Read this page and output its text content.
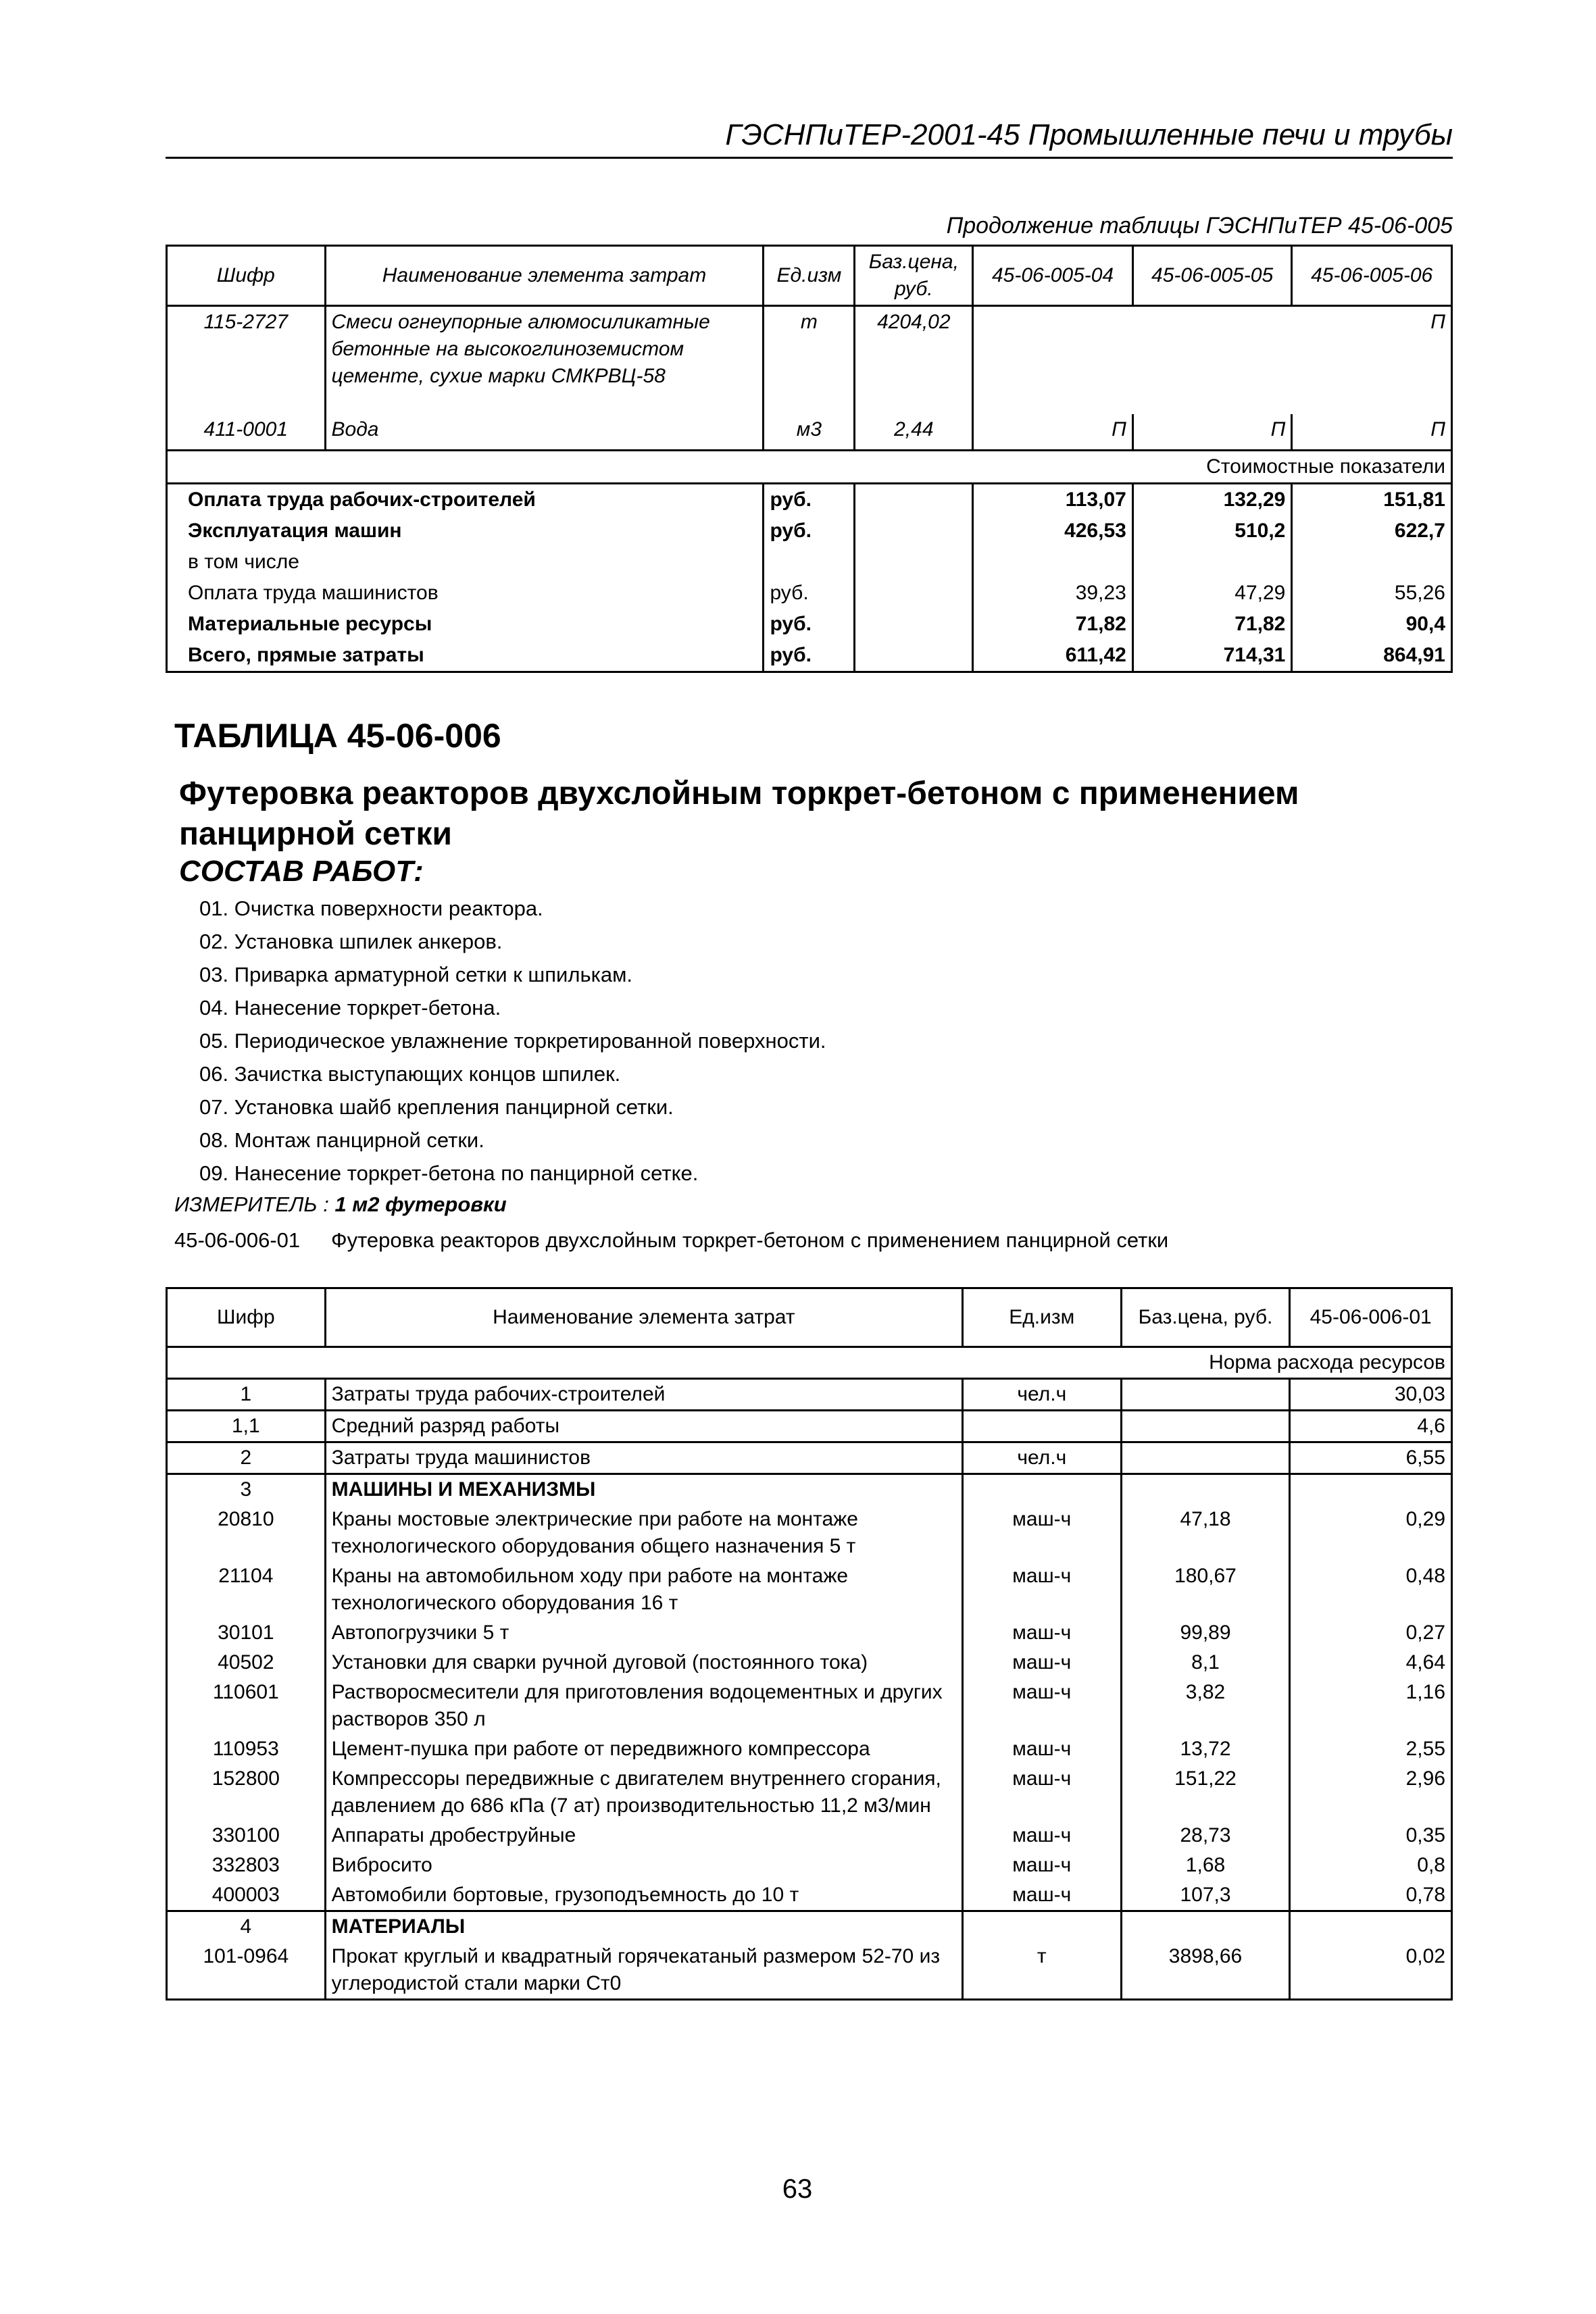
ГЭСНПиТЕР-2001-45 Промышленные печи и трубы
Продолжение таблицы ГЭСНПиТЕР 45-06-005
Шифр	Наименование элемента затрат	Ед.изм	Баз.цена, руб.	45-06-005-04	45-06-005-05	45-06-005-06
115-2727	Смеси огнеупорные алюмосиликатные бетонные на высокоглиноземистом цементе, сухие марки СМКРВЦ-58	т	4204,02			П
411-0001	Вода	м3	2,44	П	П	П
Стоимостные показатели						
Оплата труда рабочих-строителей		руб.		113,07	132,29	151,81
Эксплуатация машин		руб.		426,53	510,2	622,7
в том числе						
Оплата труда машинистов		руб.		39,23	47,29	55,26
Материальные ресурсы		руб.		71,82	71,82	90,4
Всего, прямые затраты		руб.		611,42	714,31	864,91
ТАБЛИЦА 45-06-006
Футеровка реакторов двухслойным торкрет-бетоном с применением панцирной сетки
СОСТАВ РАБОТ:
01. Очистка поверхности реактора.
02. Установка шпилек анкеров.
03. Приварка арматурной сетки к шпилькам.
04. Нанесение торкрет-бетона.
05. Периодическое увлажнение торкретированной поверхности.
06. Зачистка выступающих концов шпилек.
07. Установка шайб крепления панцирной сетки.
08. Монтаж панцирной сетки.
09. Нанесение торкрет-бетона по панцирной сетке.
ИЗМЕРИТЕЛЬ : 1 м2 футеровки
45-06-006-01 Футеровка реакторов двухслойным торкрет-бетоном с применением панцирной сетки
Шифр	Наименование элемента затрат	Ед.изм	Баз.цена, руб.	45-06-006-01
Норма расхода ресурсов				
1	Затраты труда рабочих-строителей	чел.ч		30,03
1,1	Средний разряд работы			4,6
2	Затраты труда машинистов	чел.ч		6,55
3	МАШИНЫ И МЕХАНИЗМЫ			
20810	Краны мостовые электрические при работе на монтаже технологического оборудования общего назначения 5 т	маш-ч	47,18	0,29
21104	Краны на автомобильном ходу при работе на монтаже технологического оборудования 16 т	маш-ч	180,67	0,48
30101	Автопогрузчики 5 т	маш-ч	99,89	0,27
40502	Установки для сварки ручной дуговой (постоянного тока)	маш-ч	8,1	4,64
110601	Растворосмесители для приготовления водоцементных и других растворов 350 л	маш-ч	3,82	1,16
110953	Цемент-пушка при работе от передвижного компрессора	маш-ч	13,72	2,55
152800	Компрессоры передвижные с двигателем внутреннего сгорания, давлением до 686 кПа (7 ат) производительностью 11,2 м3/мин	маш-ч	151,22	2,96
330100	Аппараты дробеструйные	маш-ч	28,73	0,35
332803	Вибросито	маш-ч	1,68	0,8
400003	Автомобили бортовые, грузоподъемность до 10 т	маш-ч	107,3	0,78
4	МАТЕРИАЛЫ			
101-0964	Прокат круглый и квадратный горячекатаный размером 52-70 из углеродистой стали марки Ст0	т	3898,66	0,02
63
